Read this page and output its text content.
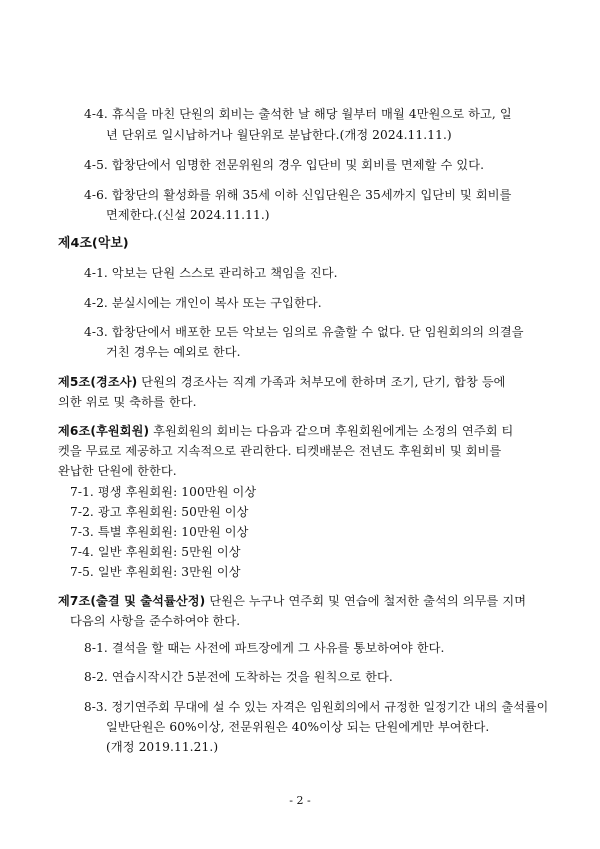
4-4. 휴식을 마친 단원의 회비는 출석한 날 해당 월부터 매월 4만원으로 하고, 일
년 단위로 일시납하거나 월단위로 분납한다.(개정 2024.11.11.)
4-5. 합창단에서 임명한 전문위원의 경우 입단비 및 회비를 면제할 수 있다.
4-6. 합창단의 활성화를 위해 35세 이하 신입단원은 35세까지 입단비 및 회비를
면제한다.(신설 2024.11.11.)
제4조(악보)
4-1. 악보는 단원 스스로 관리하고 책임을 진다.
4-2. 분실시에는 개인이 복사 또는 구입한다.
4-3. 합창단에서 배포한 모든 악보는 임의로 유출할 수 없다. 단 임원회의의 의결을
거친 경우는 예외로 한다.
제5조(경조사) 단원의 경조사는 직계 가족과 처부모에 한하며 조기, 단기, 합창 등에
의한 위로 및 축하를 한다.
제6조(후원회원) 후원회원의 회비는 다음과 같으며 후원회원에게는 소정의 연주회 티
켓을 무료로 제공하고 지속적으로 관리한다. 티켓배분은 전년도 후원회비 및 회비를
완납한 단원에 한한다.
7-1. 평생 후원회원: 100만원 이상
7-2. 광고 후원회원: 50만원 이상
7-3. 특별 후원회원: 10만원 이상
7-4. 일반 후원회원: 5만원 이상
7-5. 일반 후원회원: 3만원 이상
제7조(출결 및 출석률산정) 단원은 누구나 연주회 및 연습에 철저한 출석의 의무를 지며
다음의 사항을 준수하여야 한다.
8-1. 결석을 할 때는 사전에 파트장에게 그 사유를 통보하여야 한다.
8-2. 연습시작시간 5분전에 도착하는 것을 원칙으로 한다.
8-3. 정기연주회 무대에 설 수 있는 자격은 임원회의에서 규정한 일정기간 내의 출석률이
일반단원은 60%이상, 전문위원은 40%이상 되는 단원에게만 부여한다.
(개정 2019.11.21.)
- 2 -
